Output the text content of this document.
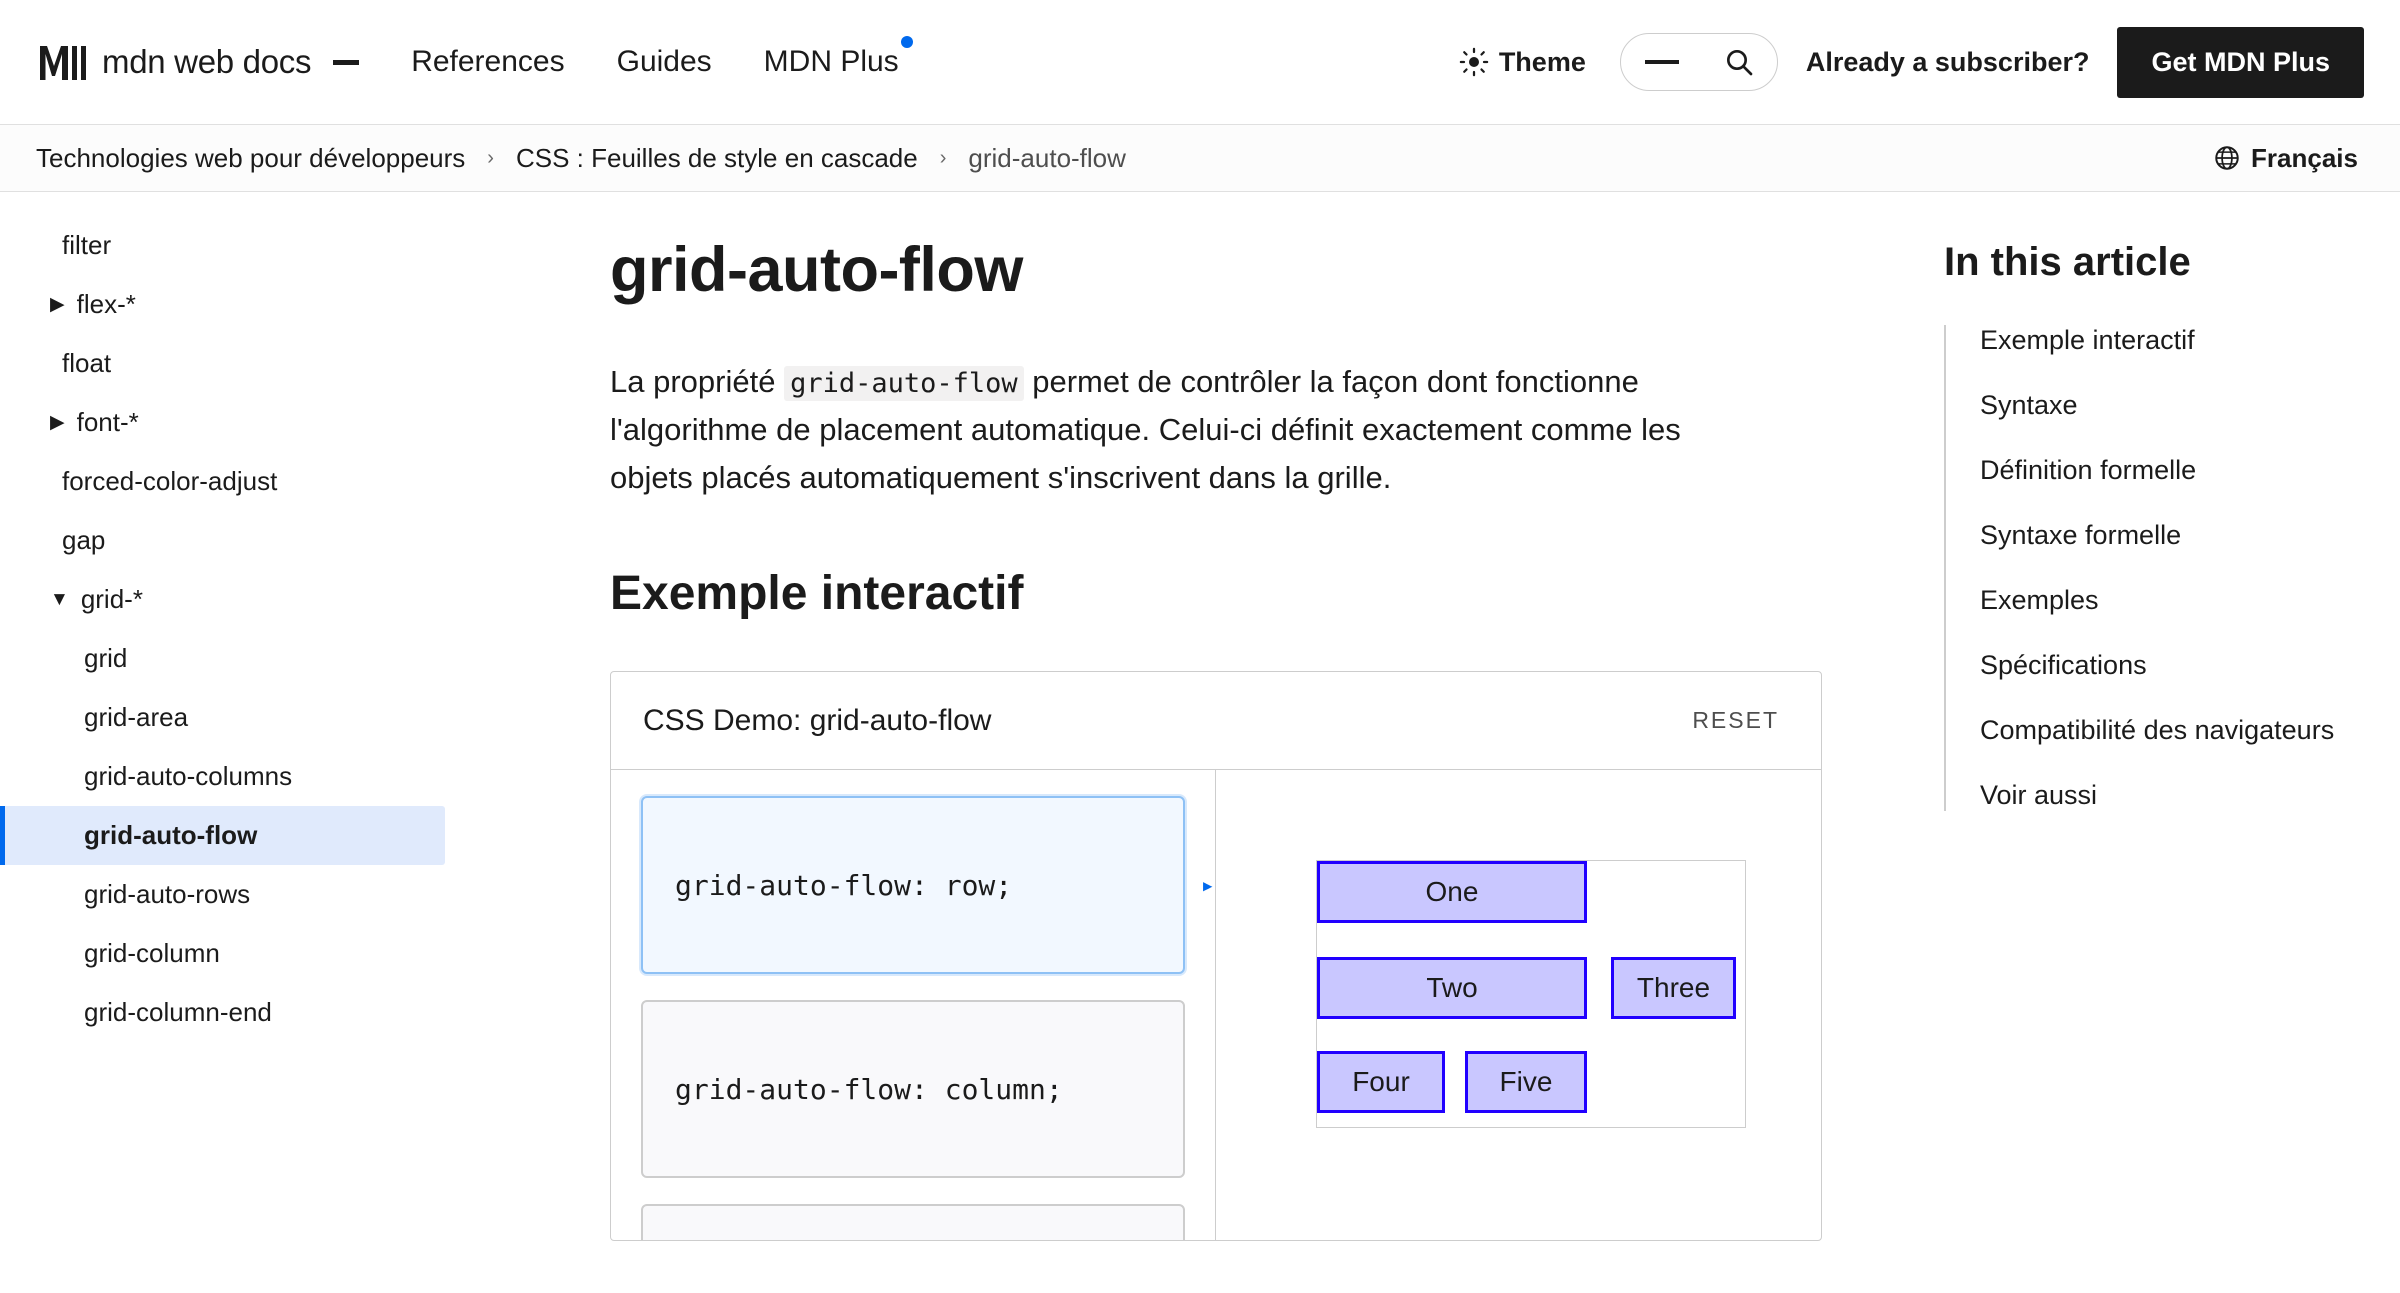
mdn web docs	References Guides MDN Plus	Theme	Already a subscriber?	Get MDN Plus
Technologies web pour développeurs › CSS : Feuilles de style en cascade › grid-auto-flow	Français
filter
▶ flex-*
float
▶ font-*
forced-color-adjust
gap
▼ grid-*
grid
grid-area
grid-auto-columns
grid-auto-flow
grid-auto-rows
grid-column
grid-column-end
grid-auto-flow

La propriété grid-auto-flow permet de contrôler la façon dont fonctionne l'algorithme de placement automatique. Celui-ci définit exactement comme les objets placés automatiquement s'inscrivent dans la grille.

Exemple interactif
CSS Demo: grid-auto-flow	RESET
grid-auto-flow: row;	▸
grid-auto-flow: column;
One
Two	Three
Four	Five
In this article
Exemple interactif
Syntaxe
Définition formelle
Syntaxe formelle
Exemples
Spécifications
Compatibilité des navigateurs
Voir aussi
